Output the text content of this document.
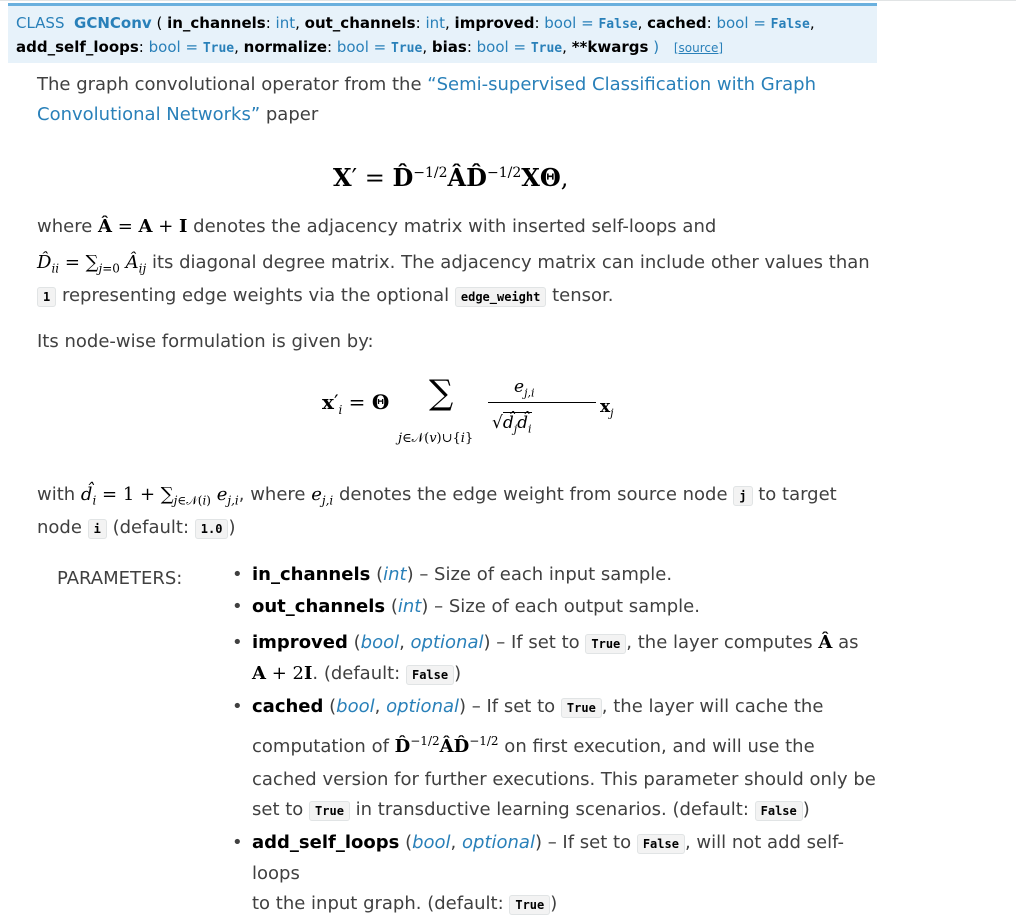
CLASS GCNConv ( in_channels: int, out_channels: int, improved: bool = False, cached: bool = False,
add_self_loops: bool = True, normalize: bool = True, bias: bool = True, **kwargs ) [source]
The graph convolutional operator from the “Semi-supervised Classification with Graph Convolutional Networks” paper
X′ = D̂$^{-1/2}$ÂD̂$^{-1/2}$XΘ,
where Â = A + I denotes the adjacency matrix with inserted self-loops and
$D̂_{ii} = \sum_{j=0}$ $Â_{ij}$ its diagonal degree matrix. The adjacency matrix can include other values than
1 representing edge weights via the optional edge_weight tensor.
Its node-wise formulation is given by:
$x'_i = \Theta$ ∑
j∈𝒩(v)∪{i}
$e_{j,i}$
$√d̂_jd̂_i$
$x_j$
with $d̂_i = 1 + \sum_{j\in 𝒩(i)}$ $e_{j,i}$, where $e_{j,i}$ denotes the edge weight from source node j to target
node i (default: 1.0 )
PARAMETERS:
•	in_channels (int) – Size of each input sample.
• out_channels (int) – Size of each output sample.
• improved (bool, optional) – If set to True , the layer computes Â as
A + 2I. (default: False )
• cached (bool, optional) – If set to True , the layer will cache the
computation of D̂$^{-1/2}$ÂD̂$^{-1/2}$ on first execution, and will use the
cached version for further executions. This parameter should only be
set to True in transductive learning scenarios. (default: False )
• add_self_loops (bool, optional) – If set to False , will not add self-loops
to the input graph. (default: True )
